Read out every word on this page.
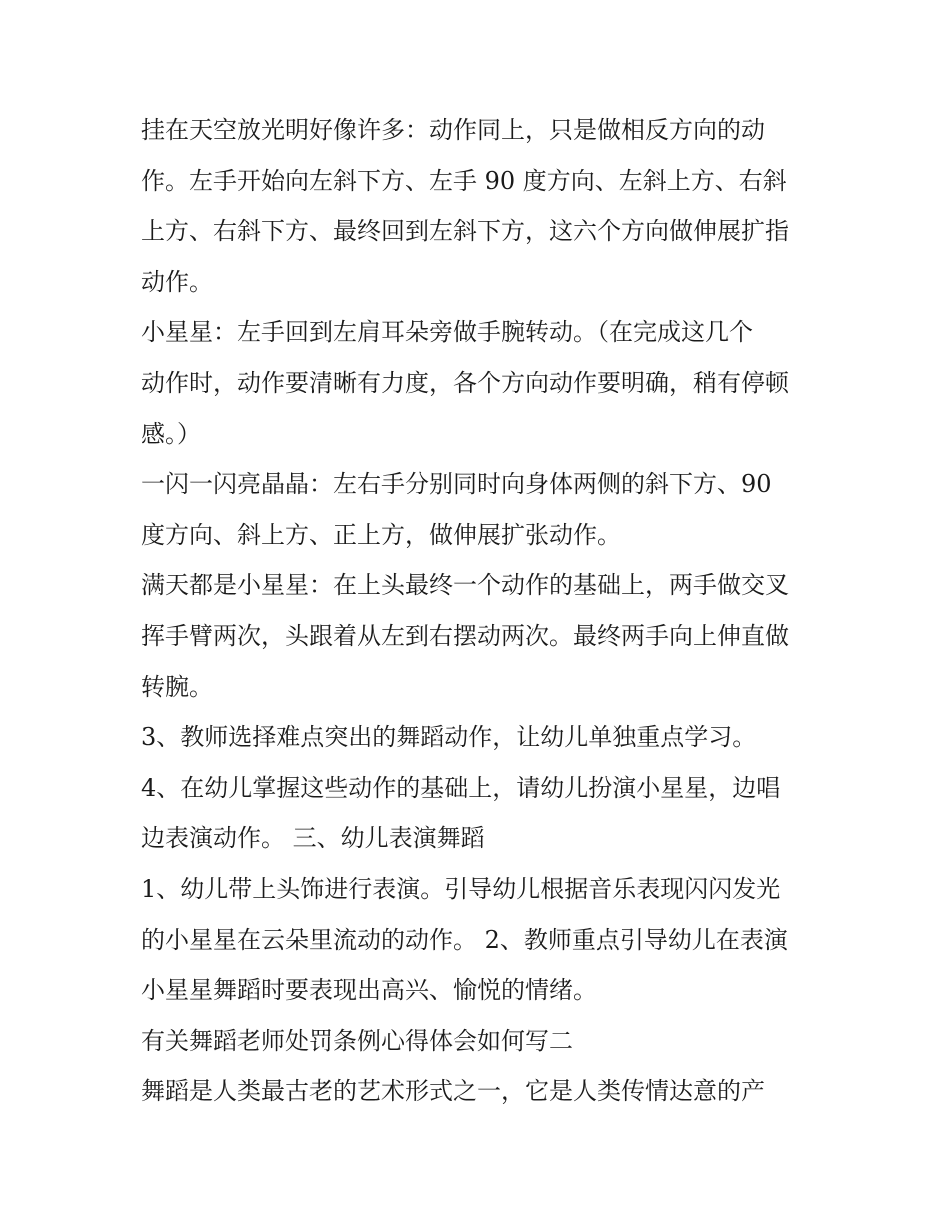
挂在天空放光明好像许多：动作同上，只是做相反方向的动
作。左手开始向左斜下方、左手 90 度方向、左斜上方、右斜
上方、右斜下方、最终回到左斜下方，这六个方向做伸展扩指
动作。
小星星：左手回到左肩耳朵旁做手腕转动。（在完成这几个
动作时，动作要清晰有力度，各个方向动作要明确，稍有停顿
感。）
一闪一闪亮晶晶：左右手分别同时向身体两侧的斜下方、90
度方向、斜上方、正上方，做伸展扩张动作。
满天都是小星星：在上头最终一个动作的基础上，两手做交叉
挥手臂两次，头跟着从左到右摆动两次。最终两手向上伸直做
转腕。
3、教师选择难点突出的舞蹈动作，让幼儿单独重点学习。
4、在幼儿掌握这些动作的基础上，请幼儿扮演小星星，边唱
边表演动作。 三、幼儿表演舞蹈
1、幼儿带上头饰进行表演。引导幼儿根据音乐表现闪闪发光
的小星星在云朵里流动的动作。 2、教师重点引导幼儿在表演
小星星舞蹈时要表现出高兴、愉悦的情绪。
有关舞蹈老师处罚条例心得体会如何写二
舞蹈是人类最古老的艺术形式之一，它是人类传情达意的产
